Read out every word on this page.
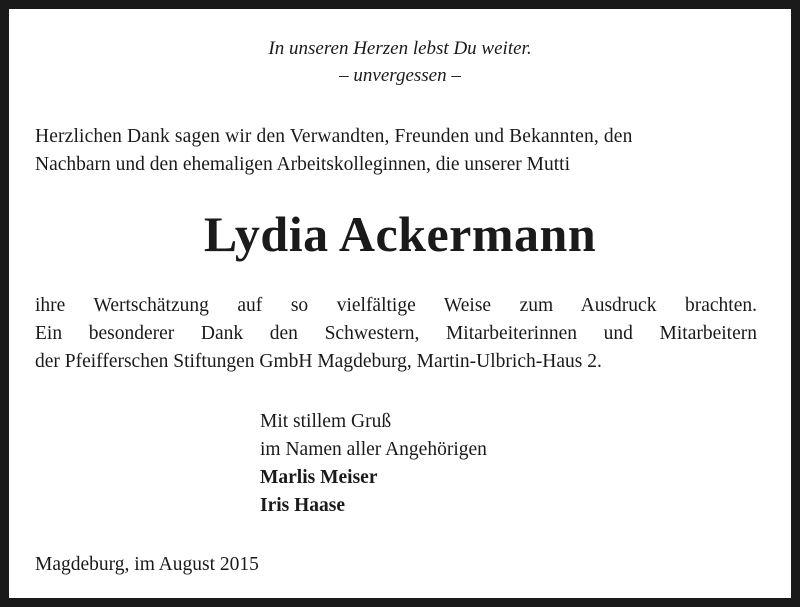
In unseren Herzen lebst Du weiter.

– unvergessen –

Herzlichen Dank sagen wir den Verwandten, Freunden und Bekannten, den

Nachbarn und den ehemaligen Arbeitskolleginnen, die unserer Mutti

Lydia Ackermann

ihre Wertschätzung auf so vielfältige Weise zum Ausdruck brachten.

Ein besonderer Dank den Schwestern, Mitarbeiterinnen und Mitarbeitern

der Pfeifferschen Stiftungen GmbH Magdeburg, Martin-Ulbrich-Haus 2.

Mit stillem Gruß

im Namen aller Angehörigen

Marlis Meiser

Iris Haase

Magdeburg, im August 2015
